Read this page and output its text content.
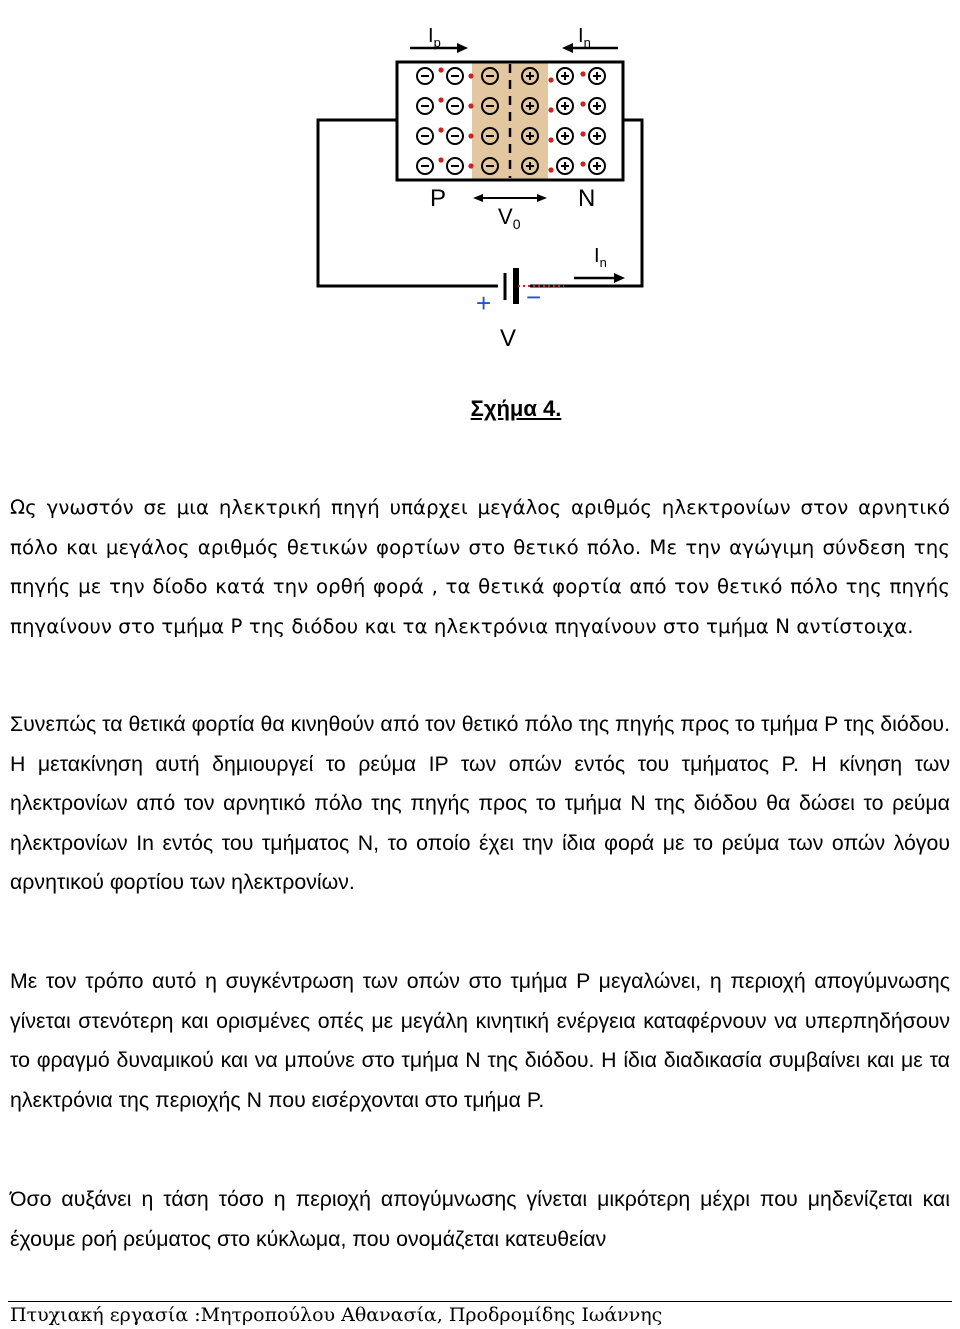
$I_p$	$I_n$
P	N
$V_0$
$I_n$
+ −
V
Σχήμα 4.
Ως γνωστόν σε μια ηλεκτρική πηγή υπάρχει μεγάλος αριθμός ηλεκτρονίων στον αρνητικό πόλο και μεγάλος αριθμός θετικών φορτίων στο θετικό πόλο. Με την αγώγιμη σύνδεση της πηγής με την δίοδο κατά την ορθή φορά , τα θετικά φορτία από τον θετικό πόλο της πηγής πηγαίνουν στο τμήμα P της διόδου και τα ηλεκτρόνια πηγαίνουν στο τμήμα N αντίστοιχα.
Συνεπώς τα θετικά φορτία θα κινηθούν από τον θετικό πόλο της πηγής προς το τμήμα P της διόδου. Η μετακίνηση αυτή δημιουργεί το ρεύμα IP των οπών εντός του τμήματος P. Η κίνηση των ηλεκτρονίων από τον αρνητικό πόλο της πηγής προς το τμήμα N της διόδου θα δώσει το ρεύμα ηλεκτρονίων In εντός του τμήματος N, το οποίο έχει την ίδια φορά με το ρεύμα των οπών λόγου αρνητικού φορτίου των ηλεκτρονίων.
Με τον τρόπο αυτό η συγκέντρωση των οπών στο τμήμα P μεγαλώνει, η περιοχή απογύμνωσης γίνεται στενότερη και ορισμένες οπές με μεγάλη κινητική ενέργεια καταφέρνουν να υπερπηδήσουν το φραγμό δυναμικού και να μπούνε στο τμήμα N της διόδου. Η ίδια διαδικασία συμβαίνει και με τα ηλεκτρόνια της περιοχής N που εισέρχονται στο τμήμα P.
Όσο αυξάνει η τάση τόσο η περιοχή απογύμνωσης γίνεται μικρότερη μέχρι που μηδενίζεται και έχουμε ροή ρεύματος στο κύκλωμα, που ονομάζεται κατευθείαν
Πτυχιακή εργασία :Μητροπούλου Αθανασία, Προδρομίδης Ιωάννης
